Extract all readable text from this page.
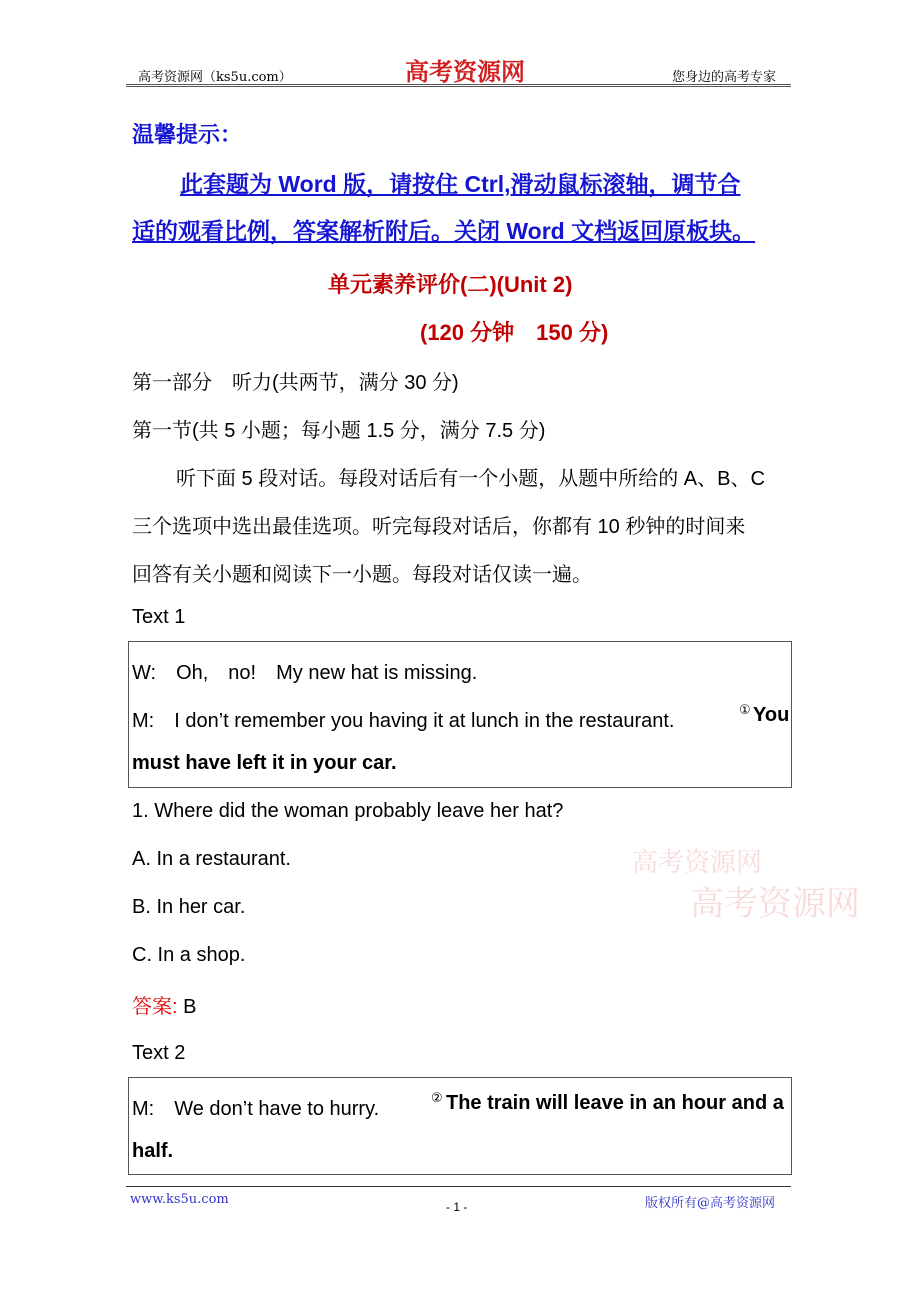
高考资源网（ks5u.com）	高考资源网	您身边的高考专家
温馨提示：
此套题为 Word 版，请按住 Ctrl,滑动鼠标滚轴，调节合
适的观看比例，答案解析附后。关闭 Word 文档返回原板块。
单元素养评价(二)(Unit 2)
(120 分钟　150 分)
第一部分　听力(共两节，满分 30 分)
第一节(共 5 小题；每小题 1.5 分，满分 7.5 分)
听下面 5 段对话。每段对话后有一个小题，从题中所给的 A、B、C
三个选项中选出最佳选项。听完每段对话后，你都有 10 秒钟的时间来
回答有关小题和阅读下一小题。每段对话仅读一遍。
Text 1
W:　Oh,　no!　My new hat is missing.
M:　I don’t remember you having it at lunch in the restaurant.
① You
must have left it in your car.
1. Where did the woman probably leave her hat?
A. In a restaurant.
B. In her car.
C. In a shop.
答案: B
高考资源网
高考资源网
Text 2
M:　We don’t have to hurry.
② The train will leave in an hour and a
half.
www.ks5u.com	- 1 -	版权所有@高考资源网
